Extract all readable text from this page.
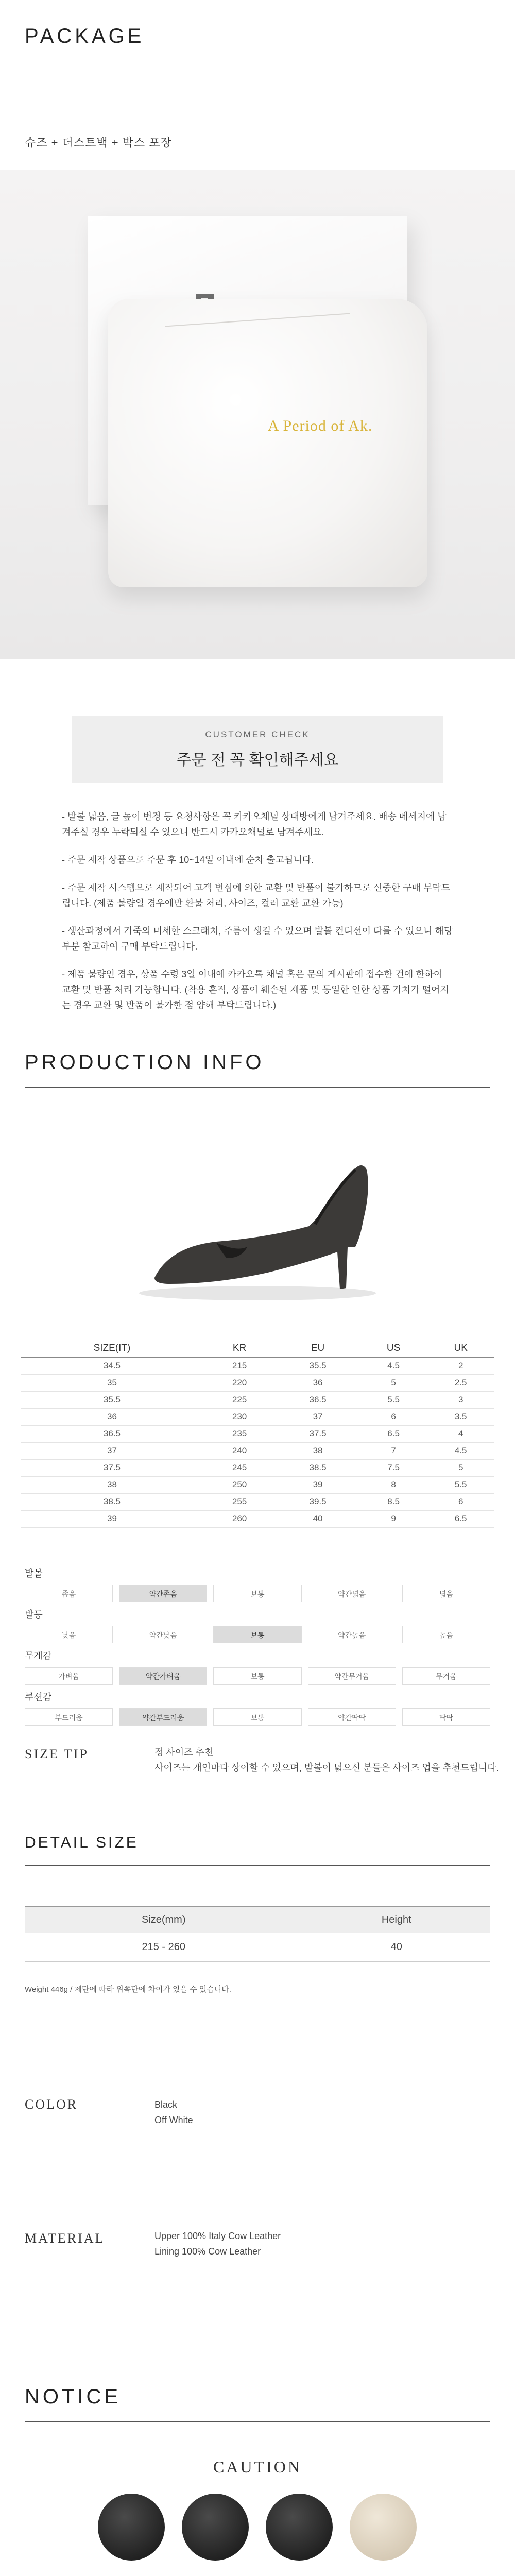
PACKAGE
슈즈 + 더스트백 + 박스 포장
A Period of Ak.
CUSTOMER CHECK
주문 전 꼭 확인해주세요

- 발볼 넓음, 글 높이 변경 등 요청사항은 꼭 카카오채널 상대방에게 남겨주세요. 배송 메세지에 남겨주실 경우 누락되실 수 있으니 반드시 카카오채널로 남겨주세요.

- 주문 제작 상품으로 주문 후 10~14일 이내에 순차 출고됩니다.

- 주문 제작 시스템으로 제작되어 고객 변심에 의한 교환 및 반품이 불가하므로 신중한 구매 부탁드립니다. (제품 불량일 경우에만 환불 처리, 사이즈, 컬러 교환 교환 가능)

- 생산과정에서 가죽의 미세한 스크래치, 주름이 생길 수 있으며 발볼 컨디션이 다를 수 있으니 해당 부분 참고하여 구매 부탁드립니다.

- 제품 불량인 경우, 상품 수령 3일 이내에 카카오톡 채널 혹은 문의 게시판에 접수한 건에 한하여 교환 및 반품 처리 가능합니다. (착용 흔적, 상품이 훼손된 제품 및 동일한 인한 상품 가치가 떨어지는 경우 교환 및 반품이 불가한 점 양해 부탁드립니다.)

PRODUCTION INFO
SIZE(IT)	KR	EU	US	UK
34.5	215	35.5	4.5	2
35	220	36	5	2.5
35.5	225	36.5	5.5	3
36	230	37	6	3.5
36.5	235	37.5	6.5	4
37	240	38	7	4.5
37.5	245	38.5	7.5	5
38	250	39	8	5.5
38.5	255	39.5	8.5	6
39	260	40	9	6.5
발볼
좁음	약간좁음	보통	약간넓음	넓음
발등
낮음	약간낮음	보통	약간높음	높음
무게감
가벼움	약간가벼움	보통	약간무거움	무거움
쿠션감
부드러움	약간부드러움	보통	약간딱딱	딱딱
SIZE TIP	정 사이즈 추천
사이즈는 개인마다 상이할 수 있으며, 발볼이 넓으신 분들은 사이즈 업을 추천드립니다.
DETAIL SIZE
Size(mm)	Height
215 - 260	40
Weight 446g / 제단에 따라 위쪽단에 차이가 있을 수 있습니다.
COLOR	Black
Off White
MATERIAL	Upper 100% Italy Cow Leather
Lining 100% Cow Leather
NOTICE
CAUTION
